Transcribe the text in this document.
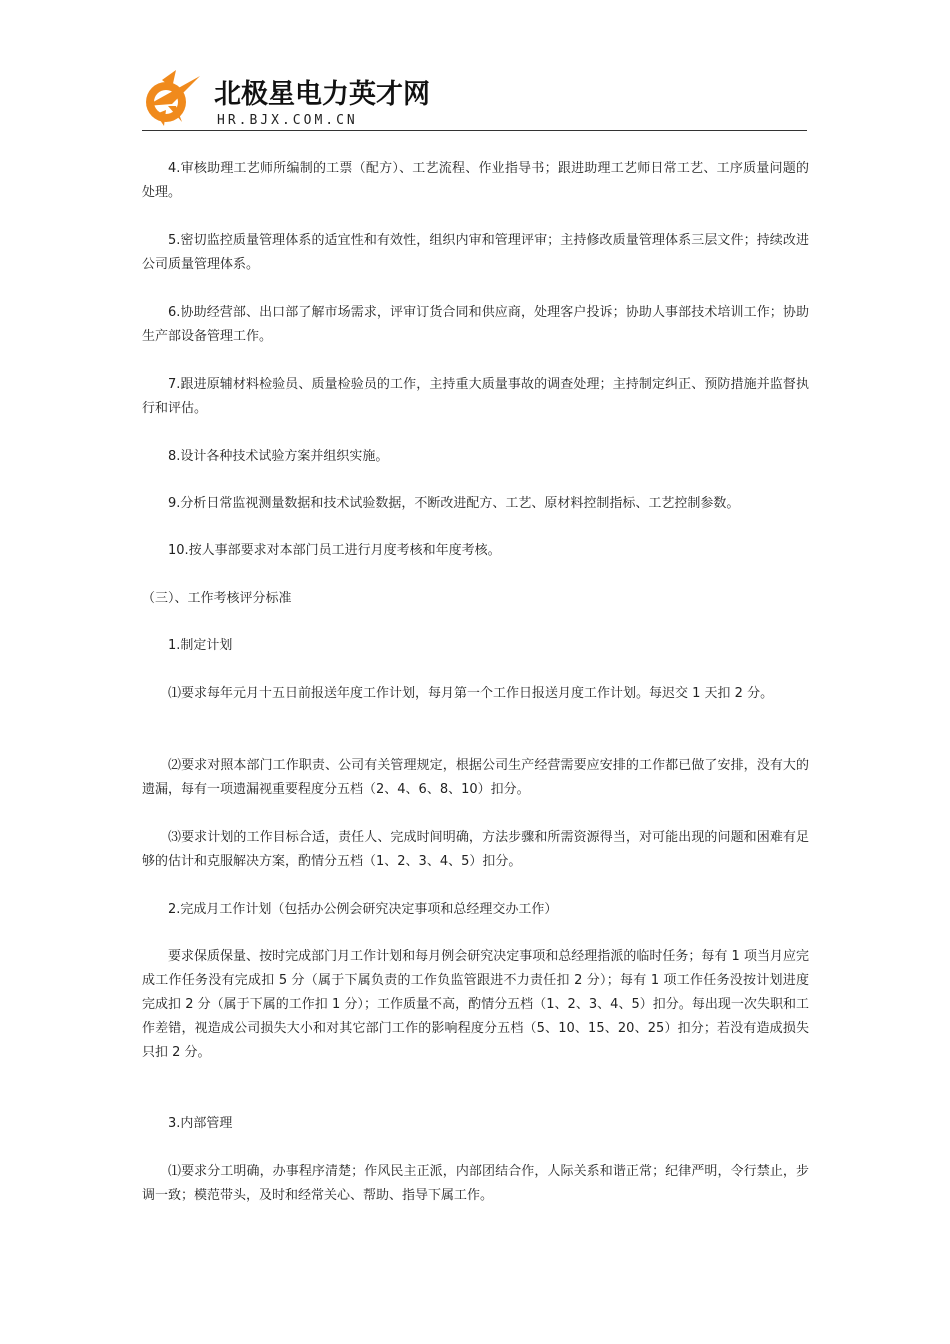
北极星电力英才网
HR.BJX.COM.CN

4.审核助理工艺师所编制的工票（配方）、工艺流程、作业指导书；跟进助理工艺师日常工艺、工序质量问题的处理。

5.密切监控质量管理体系的适宜性和有效性，组织内审和管理评审；主持修改质量管理体系三层文件；持续改进公司质量管理体系。

6.协助经营部、出口部了解市场需求，评审订货合同和供应商，处理客户投诉；协助人事部技术培训工作；协助生产部设备管理工作。

7.跟进原辅材料检验员、质量检验员的工作，主持重大质量事故的调查处理；主持制定纠正、预防措施并监督执行和评估。

8.设计各种技术试验方案并组织实施。

9.分析日常监视测量数据和技术试验数据，不断改进配方、工艺、原材料控制指标、工艺控制参数。

10.按人事部要求对本部门员工进行月度考核和年度考核。

（三）、工作考核评分标准

1.制定计划

⑴要求每年元月十五日前报送年度工作计划，每月第一个工作日报送月度工作计划。每迟交 1 天扣 2 分。

⑵要求对照本部门工作职责、公司有关管理规定，根据公司生产经营需要应安排的工作都已做了安排，没有大的遗漏，每有一项遗漏视重要程度分五档（2、4、6、8、10）扣分。

⑶要求计划的工作目标合适，责任人、完成时间明确，方法步骤和所需资源得当，对可能出现的问题和困难有足够的估计和克服解决方案，酌情分五档（1、2、3、4、5）扣分。

2.完成月工作计划（包括办公例会研究决定事项和总经理交办工作）

要求保质保量、按时完成部门月工作计划和每月例会研究决定事项和总经理指派的临时任务；每有 1 项当月应完成工作任务没有完成扣 5 分（属于下属负责的工作负监管跟进不力责任扣 2 分）；每有 1 项工作任务没按计划进度完成扣 2 分（属于下属的工作扣 1 分）；工作质量不高，酌情分五档（1、2、3、4、5）扣分。每出现一次失职和工作差错，视造成公司损失大小和对其它部门工作的影响程度分五档（5、10、15、20、25）扣分；若没有造成损失只扣 2 分。

3.内部管理

⑴要求分工明确，办事程序清楚；作风民主正派，内部团结合作，人际关系和谐正常；纪律严明，令行禁止，步调一致；模范带头，及时和经常关心、帮助、指导下属工作。
